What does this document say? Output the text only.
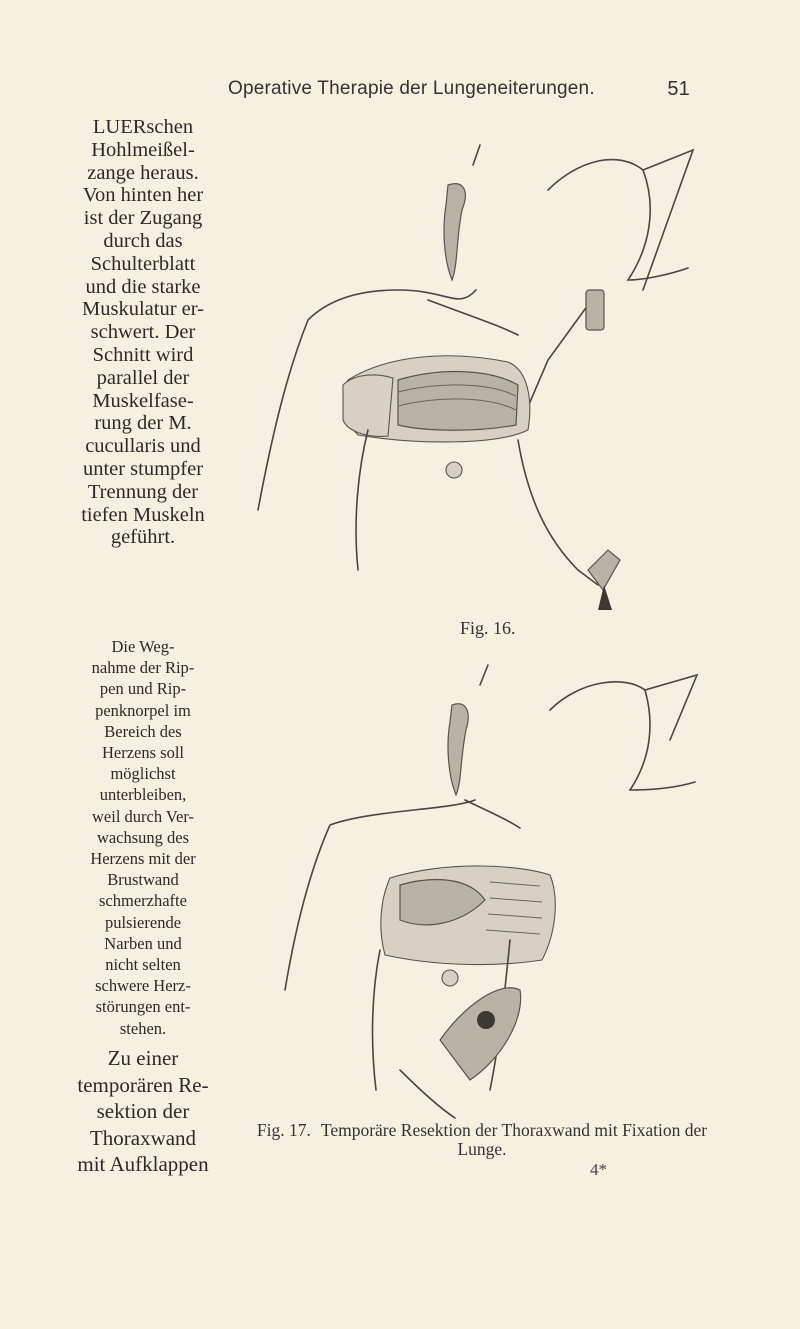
Operative Therapie der Lungeneiterungen.	51

LUERschen
Hohlmeißel-
zange heraus.
Von hinten her
ist der Zugang
durch das
Schulterblatt
und die starke
Muskulatur er-
schwert. Der
Schnitt wird
parallel der
Muskelfase-
rung der M.
cucullaris und
unter stumpfer
Trennung der
tiefen Muskeln
geführt.

Die Weg-
nahme der Rip-
pen und Rip-
penknorpel im
Bereich des
Herzens soll
möglichst
unterbleiben,
weil durch Ver-
wachsung des
Herzens mit der
Brustwand
schmerzhafte
pulsierende
Narben und
nicht selten
schwere Herz-
störungen ent-
stehen.

Zu einer
temporären Re-
sektion der
Thoraxwand
mit Aufklappen

Fig. 16.
Fig. 17. Temporäre Resektion der Thoraxwand mit Fixation der Lunge.
4*
